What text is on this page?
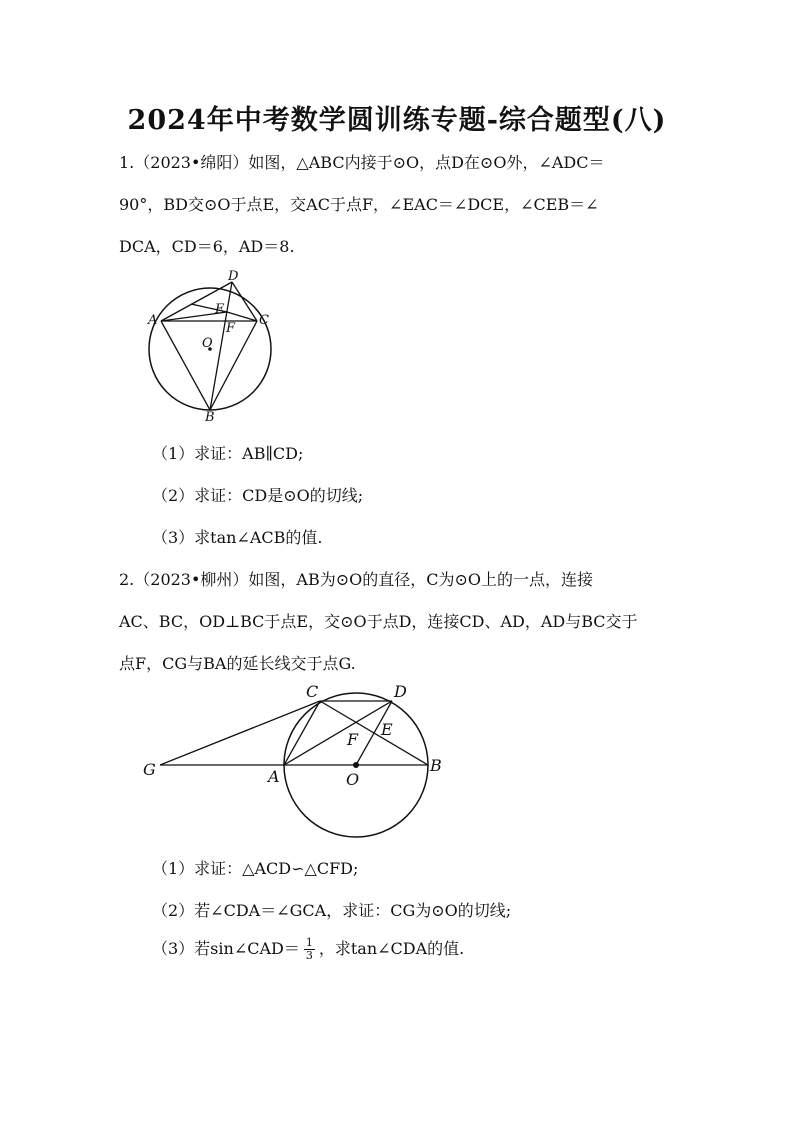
2024年中考数学圆训练专题-综合题型(八)
1.（2023•绵阳）如图，△ABC内接于⊙O，点D在⊙O外，∠ADC＝
90°，BD交⊙O于点E，交AC于点F，∠EAC＝∠DCE，∠CEB＝∠
DCA，CD＝6，AD＝8.
D
A	C
E
F
O
B
（1）求证：AB∥CD;
（2）求证：CD是⊙O的切线;
（3）求tan∠ACB的值.
2.（2023•柳州）如图，AB为⊙O的直径，C为⊙O上的一点，连接
AC、BC，OD⊥BC于点E，交⊙O于点D，连接CD、AD，AD与BC交于
点F，CG与BA的延长线交于点G.
G	A
C	D
E
F
O
B
（1）求证：△ACD∽△CFD;
（2）若∠CDA＝∠GCA，求证：CG为⊙O的切线;
（3）若sin∠CAD＝ $\frac{1}{3}$ ，求tan∠CDA的值.
